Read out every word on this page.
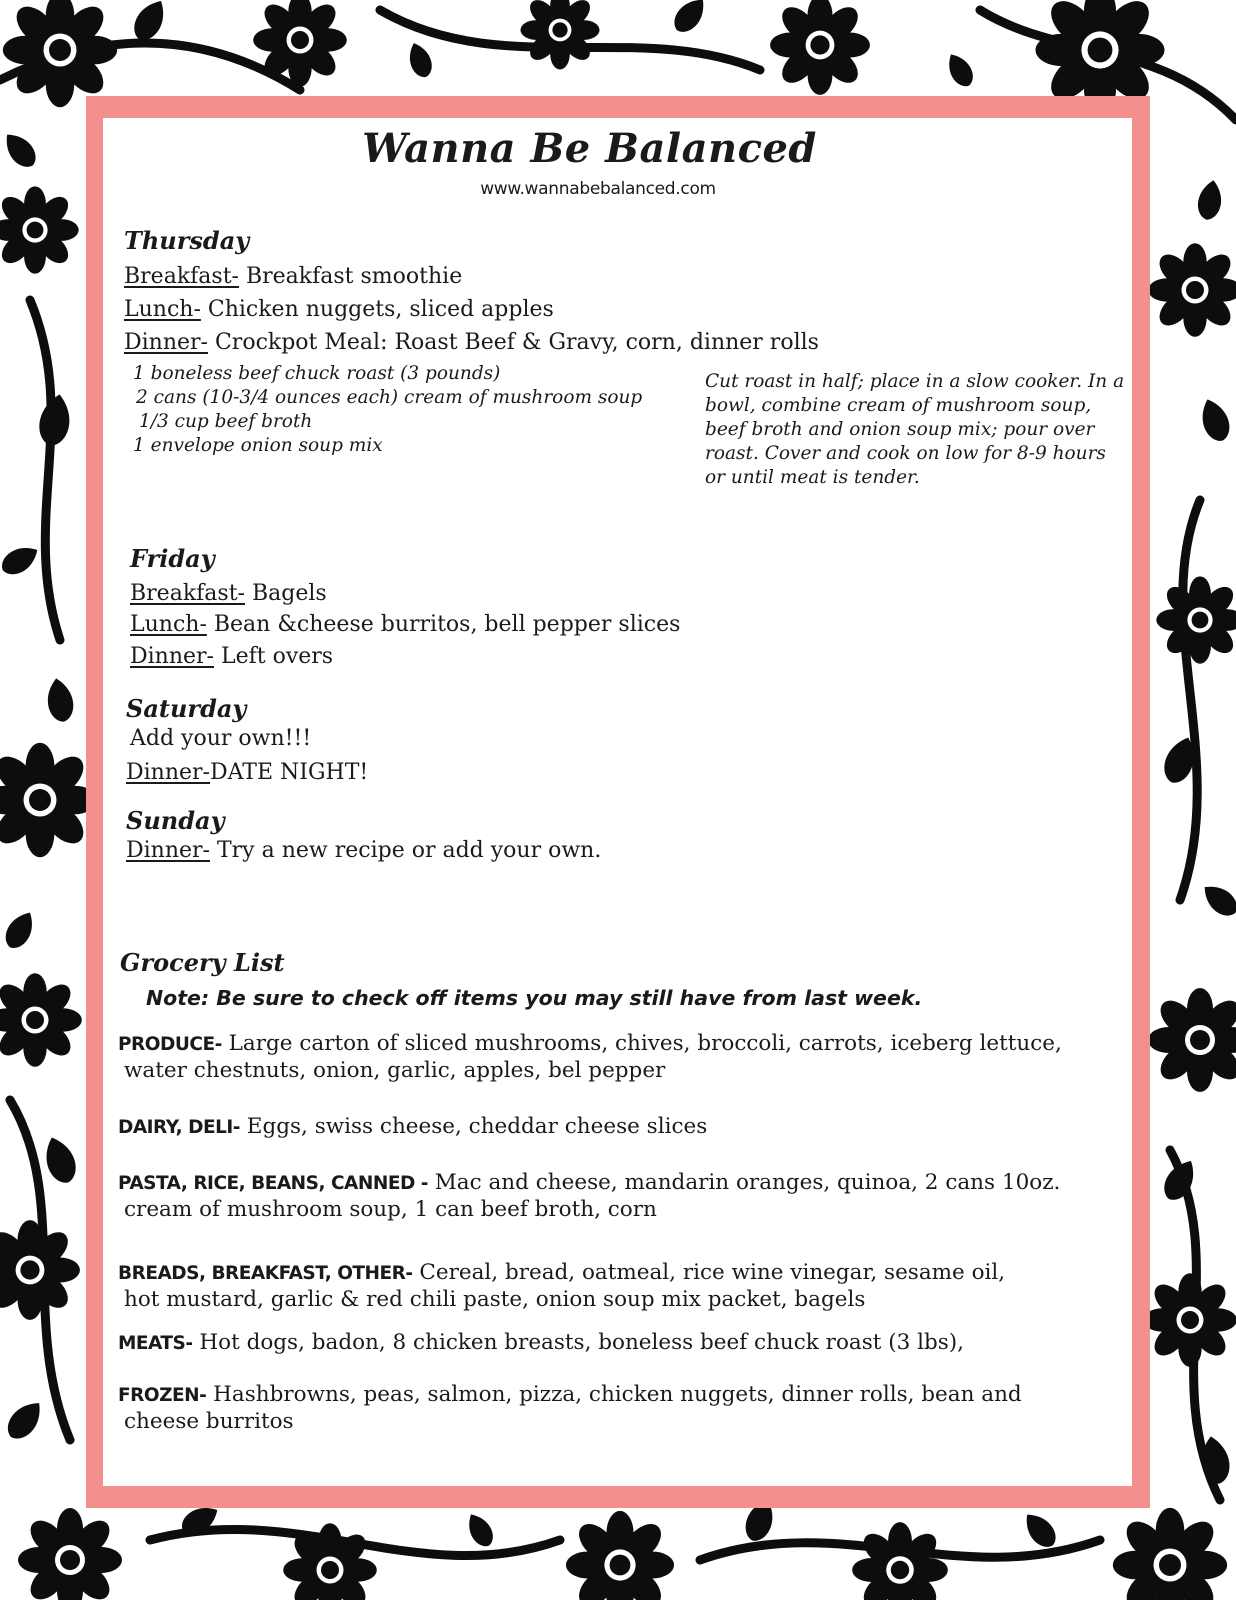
Wanna Be Balanced
www.wannabebalanced.com
Thursday
Breakfast- Breakfast smoothie
Lunch- Chicken nuggets, sliced apples
Dinner- Crockpot Meal: Roast Beef & Gravy, corn, dinner rolls
1 boneless beef chuck roast (3 pounds)
2 cans (10-3/4 ounces each) cream of mushroom soup
1/3 cup beef broth
1 envelope onion soup mix
Cut roast in half; place in a slow cooker. In a bowl, combine cream of mushroom soup, beef broth and onion soup mix; pour over roast. Cover and cook on low for 8-9 hours or until meat is tender.
Friday
Breakfast- Bagels
Lunch- Bean &cheese burritos, bell pepper slices
Dinner- Left overs
Saturday
Add your own!!!
Dinner-DATE NIGHT!
Sunday
Dinner- Try a new recipe or add your own.
Grocery List
Note: Be sure to check off items you may still have from last week.
PRODUCE- Large carton of sliced mushrooms, chives, broccoli, carrots, iceberg lettuce,
water chestnuts, onion, garlic, apples, bel pepper
DAIRY, DELI- Eggs, swiss cheese, cheddar cheese slices
PASTA, RICE, BEANS, CANNED - Mac and cheese, mandarin oranges, quinoa, 2 cans 10oz.
cream of mushroom soup, 1 can beef broth, corn
BREADS, BREAKFAST, OTHER- Cereal, bread, oatmeal, rice wine vinegar, sesame oil,
hot mustard, garlic & red chili paste, onion soup mix packet, bagels
MEATS- Hot dogs, badon, 8 chicken breasts, boneless beef chuck roast (3 lbs),
FROZEN- Hashbrowns, peas, salmon, pizza, chicken nuggets, dinner rolls, bean and
cheese burritos
